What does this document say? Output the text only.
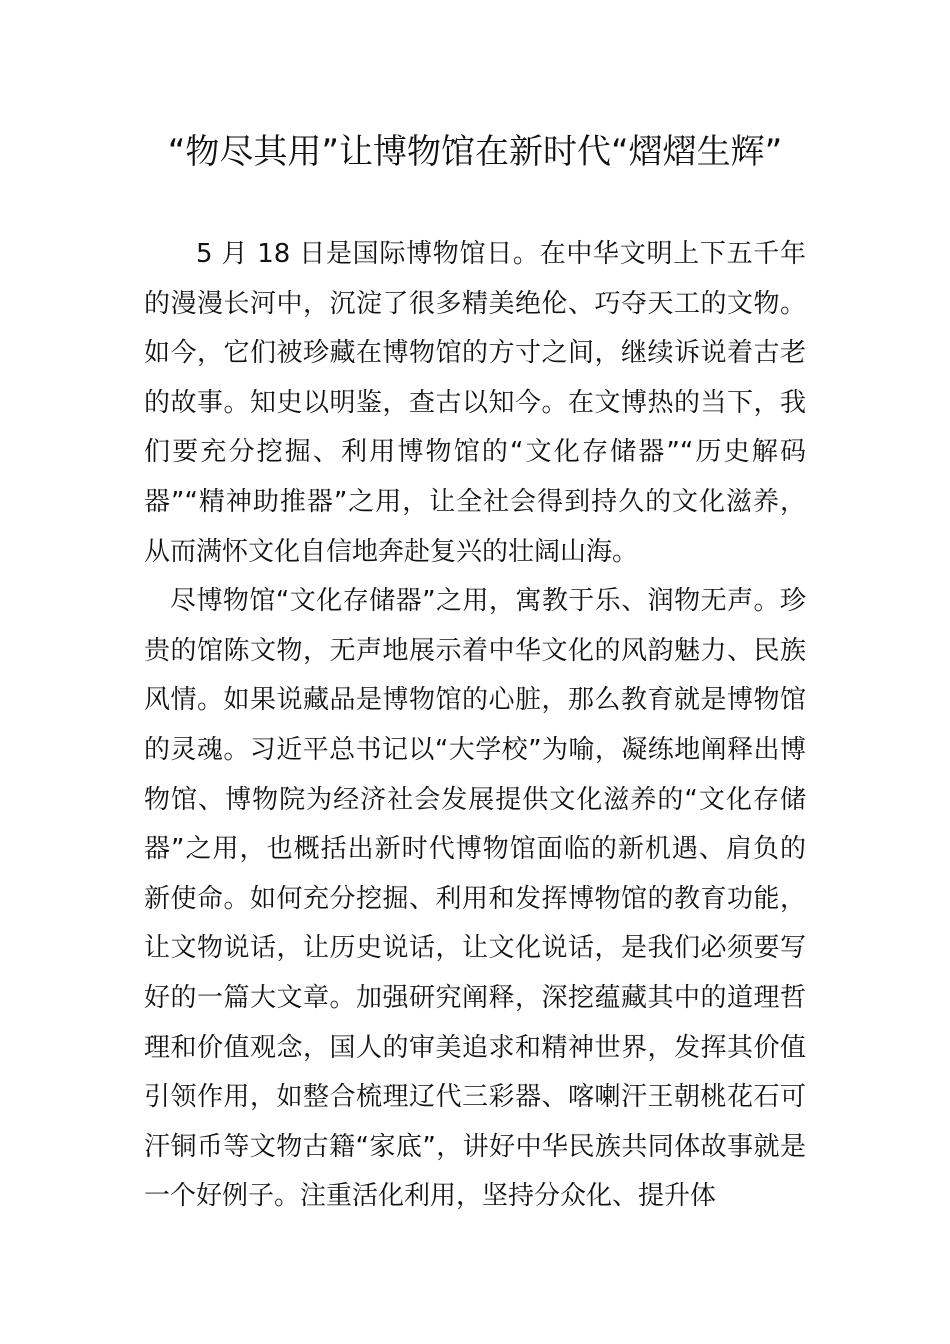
“物尽其用”让博物馆在新时代“熠熠生辉”

5 月 18 日是国际博物馆日。在中华文明上下五千年的漫漫长河中，沉淀了很多精美绝伦、巧夺天工的文物。如今，它们被珍藏在博物馆的方寸之间，继续诉说着古老的故事。知史以明鉴，查古以知今。在文博热的当下，我们要充分挖掘、利用博物馆的“文化存储器”“历史解码器”“精神助推器”之用，让全社会得到持久的文化滋养，从而满怀文化自信地奔赴复兴的壮阔山海。

尽博物馆“文化存储器”之用，寓教于乐、润物无声。珍贵的馆陈文物，无声地展示着中华文化的风韵魅力、民族风情。如果说藏品是博物馆的心脏，那么教育就是博物馆的灵魂。习近平总书记以“大学校”为喻，凝练地阐释出博物馆、博物院为经济社会发展提供文化滋养的“文化存储器”之用，也概括出新时代博物馆面临的新机遇、肩负的新使命。如何充分挖掘、利用和发挥博物馆的教育功能，让文物说话，让历史说话，让文化说话，是我们必须要写好的一篇大文章。加强研究阐释，深挖蕴藏其中的道理哲理和价值观念，国人的审美追求和精神世界，发挥其价值引领作用，如整合梳理辽代三彩器、喀喇汗王朝桃花石可汗铜币等文物古籍“家底”，讲好中华民族共同体故事就是一个好例子。注重活化利用，坚持分众化、提升体
